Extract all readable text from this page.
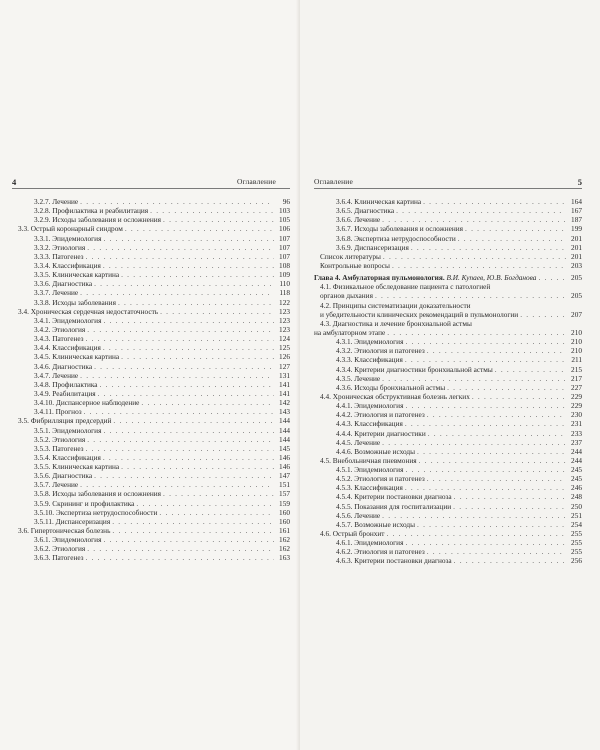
4	Оглавление
3.2.7. Лечение . . .	96
3.2.8. Профилактика и реабилитация . . .	103
3.2.9. Исходы заболевания и осложнения . . .	105
3.3. Острый коронарный синдром . . .	106
3.3.1. Эпидемиология . . .	107
3.3.2. Этиология . . .	107
3.3.3. Патогенез . . .	107
3.3.4. Классификация . . .	108
3.3.5. Клиническая картина . . .	109
3.3.6. Диагностика . . .	110
3.3.7. Лечение . . .	118
3.3.8. Исходы заболевания . . .	122
3.4. Хроническая сердечная недостаточность . . .	123
3.4.1. Эпидемиология . . .	123
3.4.2. Этиология . . .	123
3.4.3. Патогенез . . .	124
3.4.4. Классификация . . .	125
3.4.5. Клиническая картина . . .	126
3.4.6. Диагностика . . .	127
3.4.7. Лечение . . .	131
3.4.8. Профилактика . . .	141
3.4.9. Реабилитация . . .	141
3.4.10. Диспансерное наблюдение . . .	142
3.4.11. Прогноз . . .	143
3.5. Фибрилляция предсердий . . .	144
3.5.1. Эпидемиология . . .	144
3.5.2. Этиология . . .	144
3.5.3. Патогенез . . .	145
3.5.4. Классификация . . .	146
3.5.5. Клиническая картина . . .	146
3.5.6. Диагностика . . .	147
3.5.7. Лечение . . .	151
3.5.8. Исходы заболевания и осложнения . . .	157
3.5.9. Скрининг и профилактика . . .	159
3.5.10. Экспертиза нетрудоспособности . . .	160
3.5.11. Диспансеризация . . .	160
3.6. Гипертоническая болезнь . . .	161
3.6.1. Эпидемиология . . .	162
3.6.2. Этиология . . .	162
3.6.3. Патогенез . . .	163
Оглавление	5
3.6.4. Клиническая картина . . .	164
3.6.5. Диагностика . . .	167
3.6.6. Лечение . . .	187
3.6.7. Исходы заболевания и осложнения . . .	199
3.6.8. Экспертиза нетрудоспособности . . .	201
3.6.9. Диспансеризация . . .	201
Список литературы . . .	201
Контрольные вопросы . . .	203
Глава 4. Амбулаторная пульмонология. В.И. Купаев, Ю.В. Богданова . . .	205
4.1. Физикальное обследование пациента с патологией
органов дыхания . . .	205
4.2. Принципы систематизации доказательности
и убедительности клинических рекомендаций в пульмонологии . . .	207
4.3. Диагностика и лечение бронхиальной астмы
на амбулаторном этапе . . .	210
4.3.1. Эпидемиология . . .	210
4.3.2. Этиология и патогенез . . .	210
4.3.3. Классификация . . .	211
4.3.4. Критерии диагностики бронхиальной астмы . . .	215
4.3.5. Лечение . . .	217
4.3.6. Исходы бронхиальной астмы . . .	227
4.4. Хроническая обструктивная болезнь легких . . .	229
4.4.1. Эпидемиология . . .	229
4.4.2. Этиология и патогенез . . .	230
4.4.3. Классификация . . .	231
4.4.4. Критерии диагностики . . .	233
4.4.5. Лечение . . .	237
4.4.6. Возможные исходы . . .	244
4.5. Внебольничная пневмония . . .	244
4.5.1. Эпидемиология . . .	245
4.5.2. Этиология и патогенез . . .	245
4.5.3. Классификация . . .	246
4.5.4. Критерии постановки диагноза . . .	248
4.5.5. Показания для госпитализации . . .	250
4.5.6. Лечение . . .	251
4.5.7. Возможные исходы . . .	254
4.6. Острый бронхит . . .	255
4.6.1. Эпидемиология . . .	255
4.6.2. Этиология и патогенез . . .	255
4.6.3. Критерии постановки диагноза . . .	256
